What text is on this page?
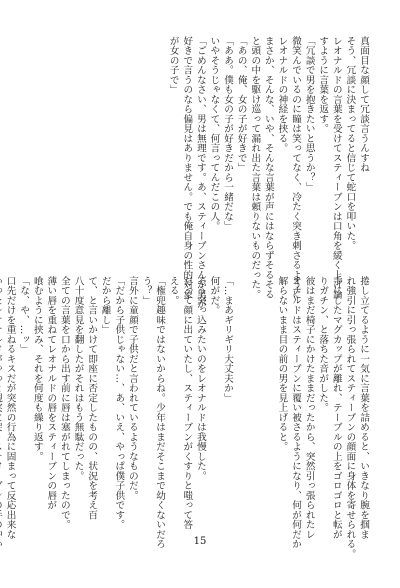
真面目な顔して冗談言うんすね
そう、冗談に決まってると信じて蛇口を叩いた。
レオナルドの言葉を受けてスティーブンは口角を緩く上げ論
すように言葉を返す。
「冗談で男を抱きたいと思うか？」
微笑んでいるのに瞳は笑ってなく、冷たく突き刺さるように
レオナルドの神経を挟る。
まさか、そんな、いや、そんな言葉が声にはならずそるそる
と頭の中を駆け巡って漏れ出た言葉は頼りないものだった。
「あの、俺、女の子が好きで」
「ああ。僕も女の子が好きだから一緒だな」
いやそうじゃなくて、何言ってんだこの人。
「ごめんなさい、男は無理です。あ、スティーブンさんが男が
好きで言うのなら偏見はありません。でも俺自身の性的対象
が女の子で」
捲し立てるように一気に言葉を詰めると、いきなり腕を掴ま
れ強引に引っ張られてスティーブンの顔面に身体を寄せられる。
手にしたマグカップが離れ、テーブルの上をゴロゴロと転が
りガチン、と落ちた音がした。
彼はまだ椅子にかけたままだったから、突然引っ張られたレ
オナルドはスティーブンに覆い被さるようになり、何が何だか
解らないまま目の前の男を見上げると。

「…まあギリギリ大丈夫か」
何がだ。
そう突っ込みたいのをレオナルドは我慢した。
だって顔に出ていたし、スティーブンがくすりと嗤って答
える。
「権兜趣味ではないからね。少年はまだそこまで幼くないだろ
う？」
言外に童顔で子供だと言われているようなものだ。
「だから子供じゃない…、あ、いえ、やっぱ僕子供です。
だから離し」
て、と言いかけて即座に否定したものの、状況を考え百
八十度意見を翻したがそれはもう無駄だった。
全ての言葉を口から出す前に唇は塞がれてしまったので。
薄い唇を重ねてレオナルドの唇をスティーブンの唇が
喰むように挟み、それを何度も繰り返す。
「な、や、…ッ」
口先だけを重ねるキスだが突然の行為に固まって反応出来な
15
